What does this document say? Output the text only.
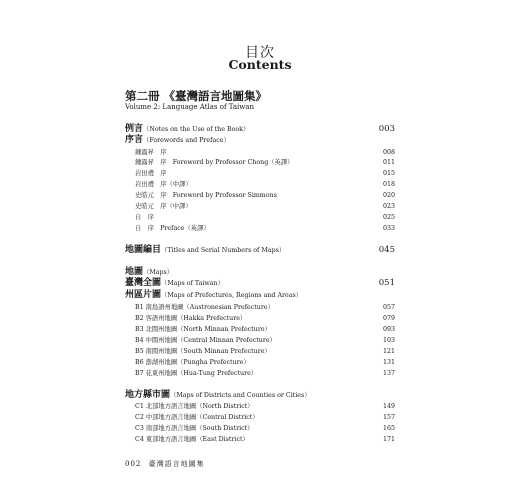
目次
Contents
第二冊 《臺灣語言地圖集》
Volume 2: Language Atlas of Taiwan
例言（Notes on the Use of the Book）	003
序言（Forewords and Preface）
鍾露昇　序	008
鍾露昇　序　Foreword by Professor Chong（英譯）	011
岩田禮　序	015
岩田禮　序（中譯）	018
史皓元　序　Foreword by Professor Simmons	020
史皓元　序（中譯）	023
自　序	025
自　序　Preface（英譯）	033
地圖編目（Titles and Serial Numbers of Maps）	045
地圖（Maps）
臺灣全圖（Maps of Taiwan）	051
州區片圖（Maps of Prefectures, Regions and Areas）
B1 南島語州地圖（Austronesian Prefecture）	057
B2 客語州地圖（Hakka Prefecture）	079
B3 北閩州地圖（North Minnan Prefecture）	093
B4 中閩州地圖（Central Minnan Prefecture）	103
B5 南閩州地圖（South Minnan Prefecture）	121
B6 澎湖州地圖（Pungha Prefecture）	131
B7 花東州地圖（Hua-Tung Prefecture）	137
地方縣市圖（Maps of Districts and Counties or Cities）
C1 北部地方語言地圖（North District）	149
C2 中部地方語言地圖（Central District）	157
C3 南部地方語言地圖（South District）	165
C4 東部地方語言地圖（East District）	171
002 臺灣語言地圖集
